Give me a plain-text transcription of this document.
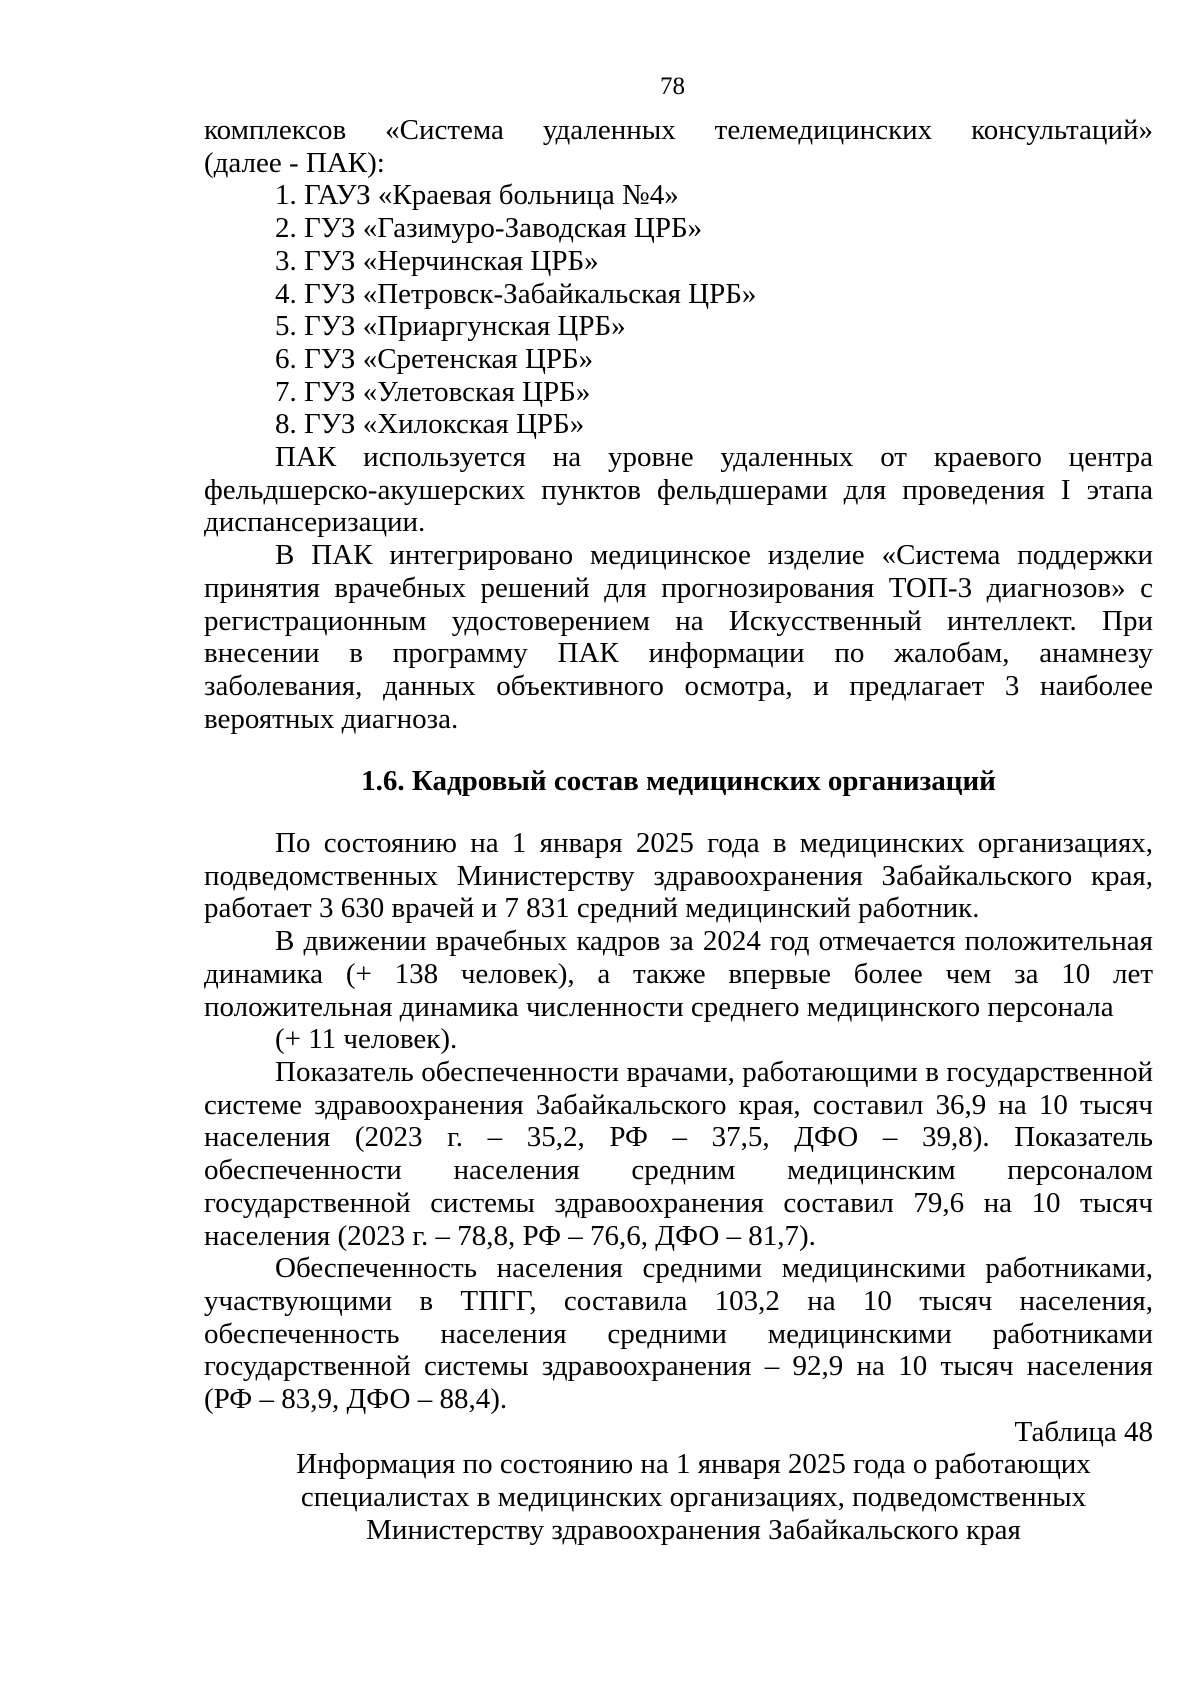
78

комплексов «Система удаленных телемедицинских консультаций»

(далее - ПАК):

1. ГАУЗ «Краевая больница №4»
2. ГУЗ «Газимуро-Заводская ЦРБ»
3. ГУЗ «Нерчинская ЦРБ»
4. ГУЗ «Петровск-Забайкальская ЦРБ»
5. ГУЗ «Приаргунская ЦРБ»
6. ГУЗ «Сретенская ЦРБ»
7. ГУЗ «Улетовская ЦРБ»
8. ГУЗ «Хилокская ЦРБ»

ПАК используется на уровне удаленных от краевого центра фельдшерско-акушерских пунктов фельдшерами для проведения I этапа диспансеризации.

В ПАК интегрировано медицинское изделие «Система поддержки принятия врачебных решений для прогнозирования ТОП-3 диагнозов» с регистрационным удостоверением на Искусственный интеллект. При внесении в программу ПАК информации по жалобам, анамнезу заболевания, данных объективного осмотра, и предлагает 3 наиболее вероятных диагноза.

1.6. Кадровый состав медицинских организаций

По состоянию на 1 января 2025 года в медицинских организациях, подведомственных Министерству здравоохранения Забайкальского края, работает 3 630 врачей и 7 831 средний медицинский работник.

В движении врачебных кадров за 2024 год отмечается положительная динамика (+ 138 человек), а также впервые более чем за 10 лет положительная динамика численности среднего медицинского персонала

(+ 11 человек).

Показатель обеспеченности врачами, работающими в государственной системе здравоохранения Забайкальского края, составил 36,9 на 10 тысяч населения (2023 г. – 35,2, РФ – 37,5, ДФО – 39,8). Показатель обеспеченности населения средним медицинским персоналом государственной системы здравоохранения составил 79,6 на 10 тысяч населения (2023 г. – 78,8, РФ – 76,6, ДФО – 81,7).

Обеспеченность населения средними медицинскими работниками, участвующими в ТПГГ, составила 103,2 на 10 тысяч населения, обеспеченность населения средними медицинскими работниками государственной системы здравоохранения – 92,9 на 10 тысяч населения (РФ – 83,9, ДФО – 88,4).

Таблица 48

Информация по состоянию на 1 января 2025 года о работающих
специалистах в медицинских организациях, подведомственных
Министерству здравоохранения Забайкальского края
